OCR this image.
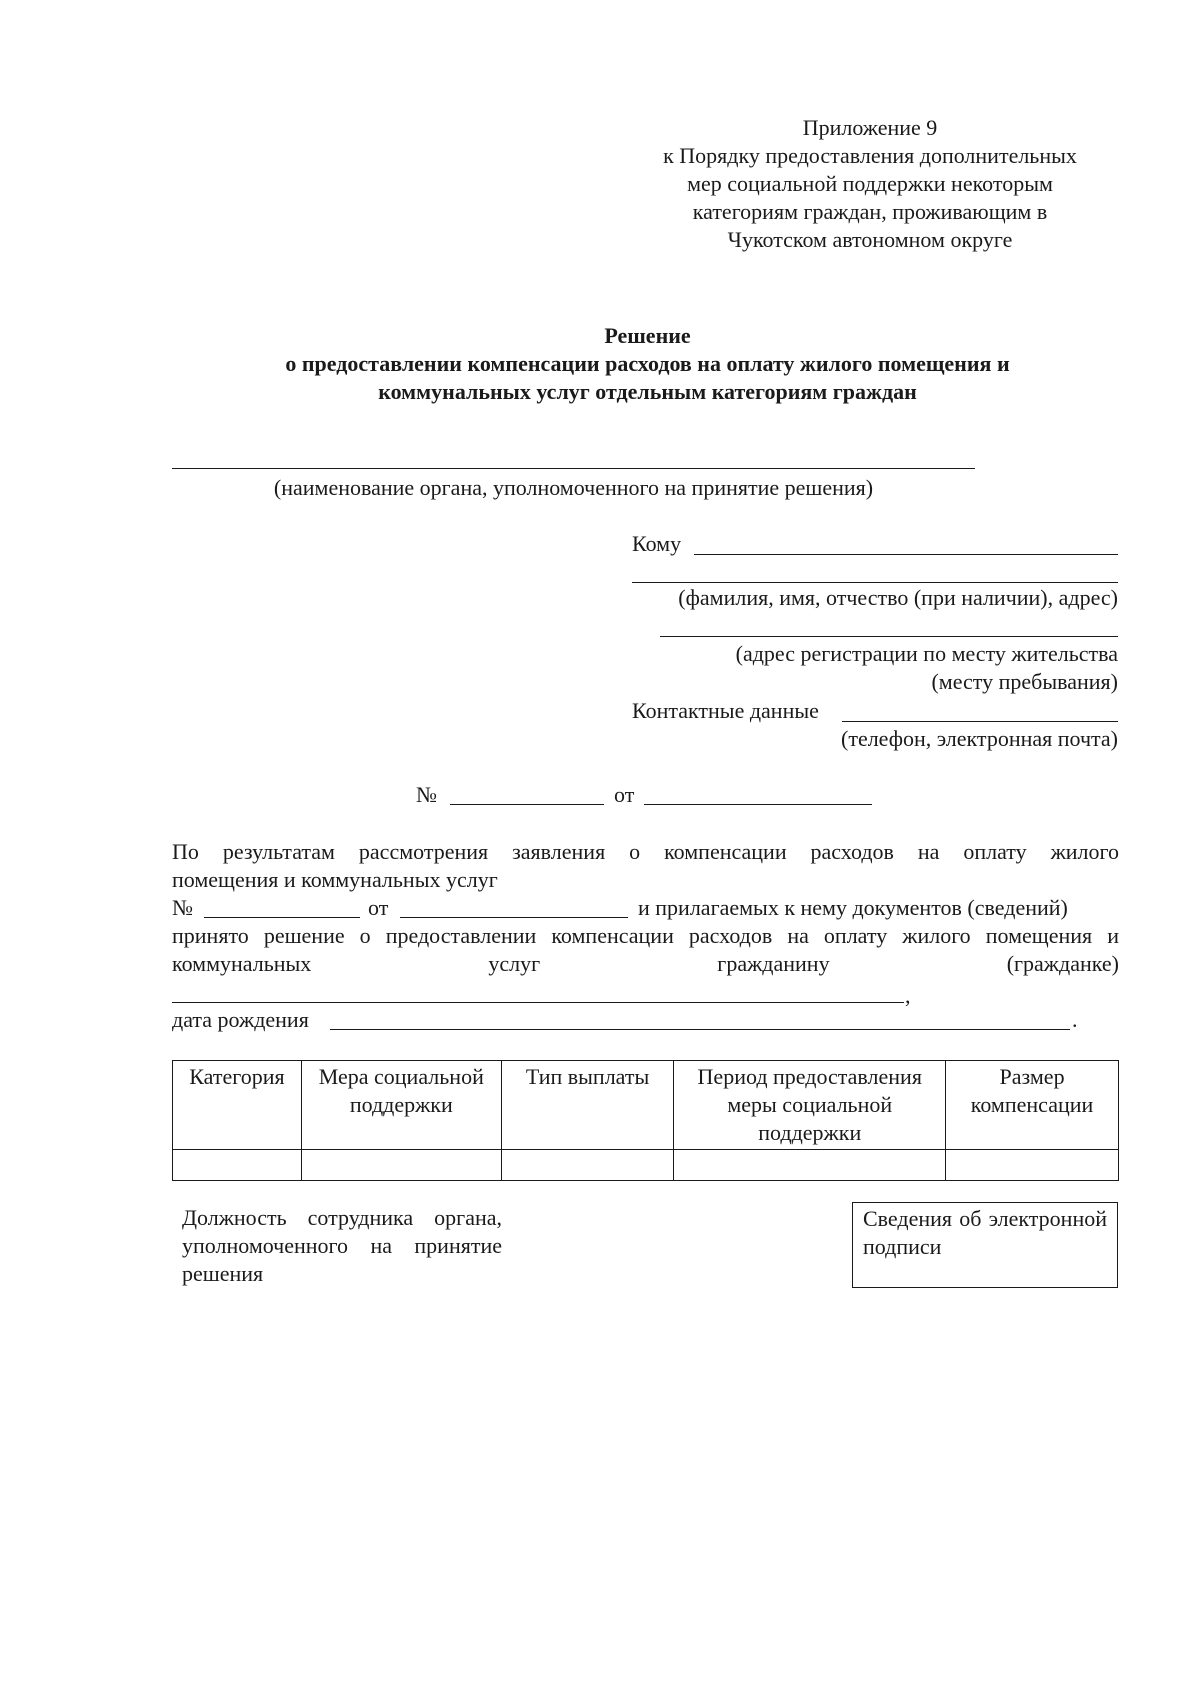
Приложение 9
к Порядку предоставления дополнительных
мер социальной поддержки некоторым
категориям граждан, проживающим в
Чукотском автономном округе
Решение
о предоставлении компенсации расходов на оплату жилого помещения и
коммунальных услуг отдельным категориям граждан
(наименование органа, уполномоченного на принятие решения)
Кому
(фамилия, имя, отчество (при наличии), адрес)
(адрес регистрации по месту жительства
(месту пребывания)
Контактные данные
(телефон, электронная почта)
№	от
По результатам рассмотрения заявления о компенсации расходов на оплату жилого
помещения и коммунальных услуг
№	от	и прилагаемых к нему документов (сведений)
принято решение о предоставлении компенсации расходов на оплату жилого помещения и
коммунальных	услуг	гражданину	(гражданке)
,
дата рождения	.
Категория	Мера социальной поддержки	Тип выплаты	Период предоставления меры социальной поддержки	Размер компенсации

Должность сотрудника органа, уполномоченного на принятие решения
Сведения об электронной подписи
